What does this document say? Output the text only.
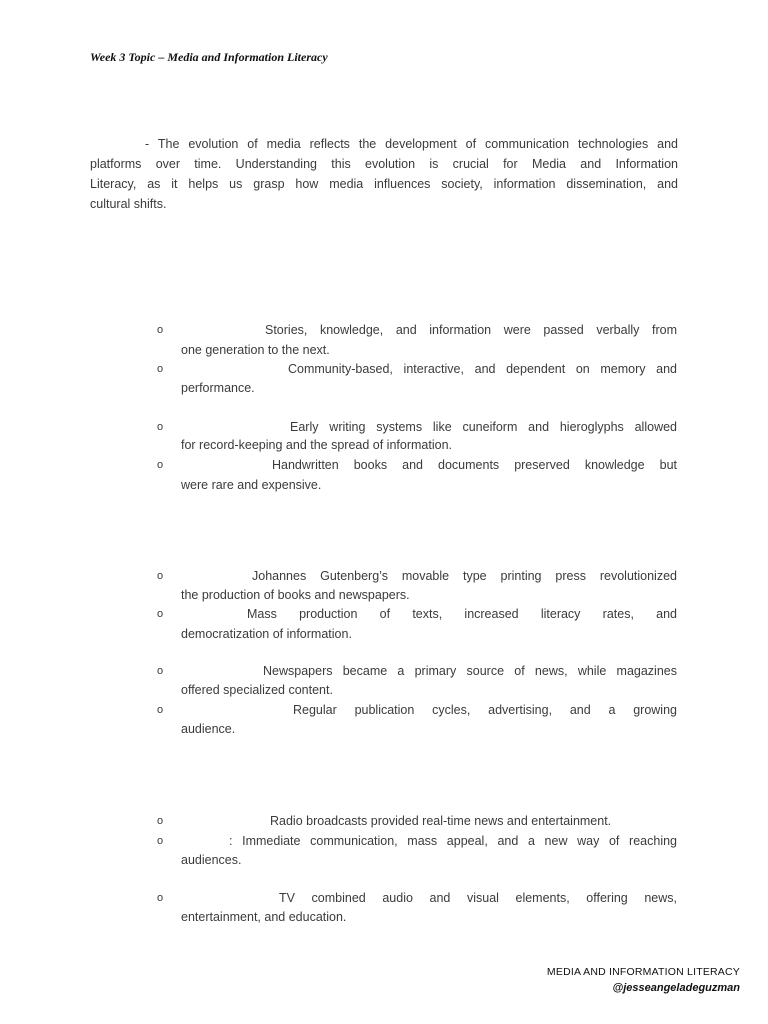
Week 3 Topic – Media and Information Literacy
- The evolution of media reflects the development of communication technologies and
platforms over time. Understanding this evolution is crucial for Media and Information
Literacy, as it helps us grasp how media influences society, information dissemination, and
cultural shifts.
o	Stories, knowledge, and information were passed verbally from
one generation to the next.
o	Community-based, interactive, and dependent on memory and
performance.
o	Early writing systems like cuneiform and hieroglyphs allowed
for record-keeping and the spread of information.
o	Handwritten books and documents preserved knowledge but
were rare and expensive.
o	Johannes Gutenberg’s movable type printing press revolutionized
the production of books and newspapers.
o	Mass production of texts, increased literacy rates, and
democratization of information.
o	Newspapers became a primary source of news, while magazines
offered specialized content.
o	Regular publication cycles, advertising, and a growing
audience.
o	Radio broadcasts provided real-time news and entertainment.
o	: Immediate communication, mass appeal, and a new way of reaching
audiences.
o	TV combined audio and visual elements, offering news,
entertainment, and education.
MEDIA AND INFORMATION LITERACY
@jesseangeladeguzman
